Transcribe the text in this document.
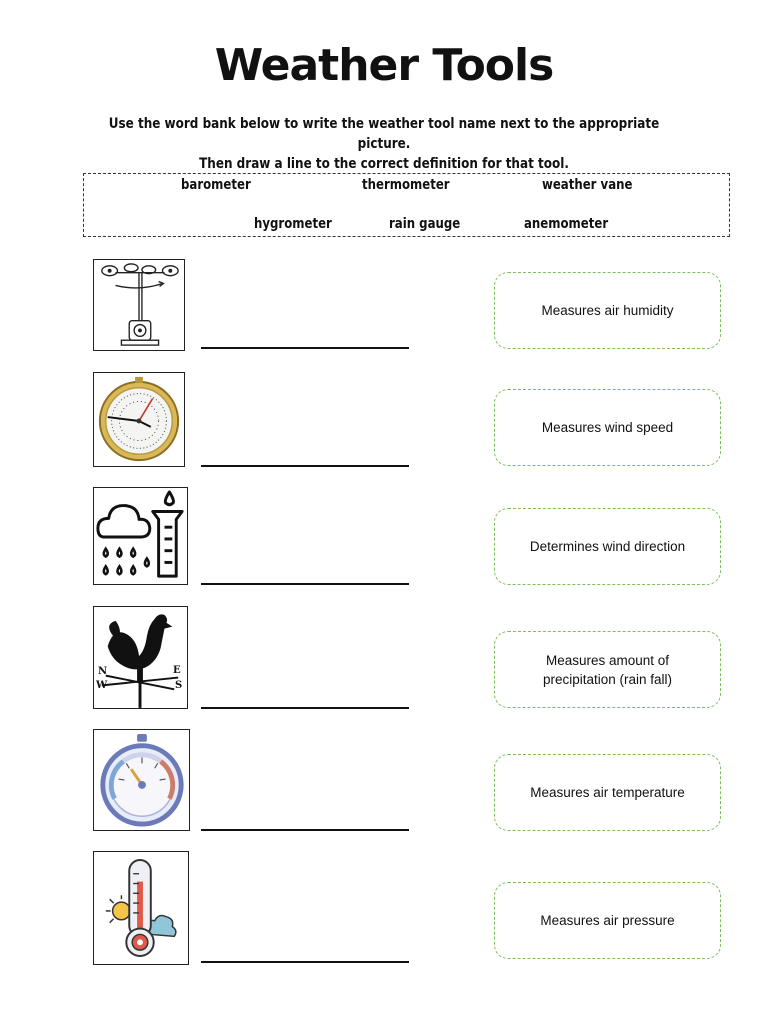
Weather Tools
Use the word bank below to write the weather tool name next to the appropriate picture.
Then draw a line to the correct definition for that tool.
barometer	thermometer	weather vane
hygrometer	rain gauge	anemometer
Measures air humidity
Measures wind speed
Determines wind direction
N
W
E
S
Measures amount of precipitation (rain fall)
Measures air temperature
Measures air pressure
